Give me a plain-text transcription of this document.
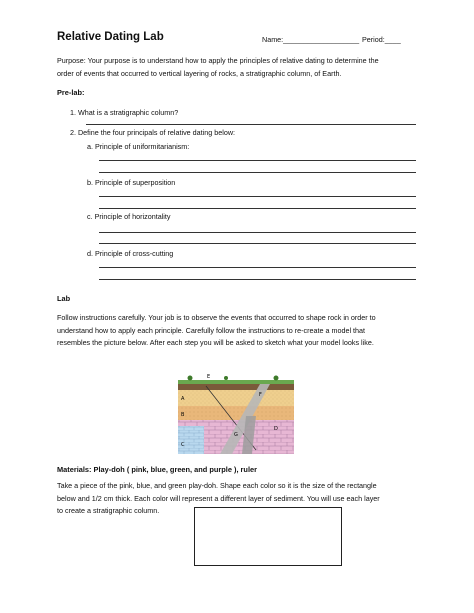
Relative Dating Lab	Name:___________________ Period:____
Purpose: Your purpose is to understand how to apply the principles of relative dating to determine the
order of events that occurred to vertical layering of rocks, a stratigraphic column, of Earth.
Pre-lab:
1. What is a stratigraphic column?
2. Define the four principals of relative dating below:
a. Principle of uniformitarianism:
b. Principle of superposition
c. Principle of horizontality
d. Principle of cross-cutting
Lab
Follow instructions carefully. Your job is to observe the events that occurred to shape rock in order to
understand how to apply each principle. Carefully follow the instructions to re-create a model that
resembles the picture below. After each step you will be asked to sketch what your model looks like.
E
A
B
C
D
F
G
Materials: Play-doh ( pink, blue, green, and purple ), ruler
Take a piece of the pink, blue, and green play-doh. Shape each color so it is the size of the rectangle
below and 1/2 cm thick. Each color will represent a different layer of sediment. You will use each layer
to create a stratigraphic column.
